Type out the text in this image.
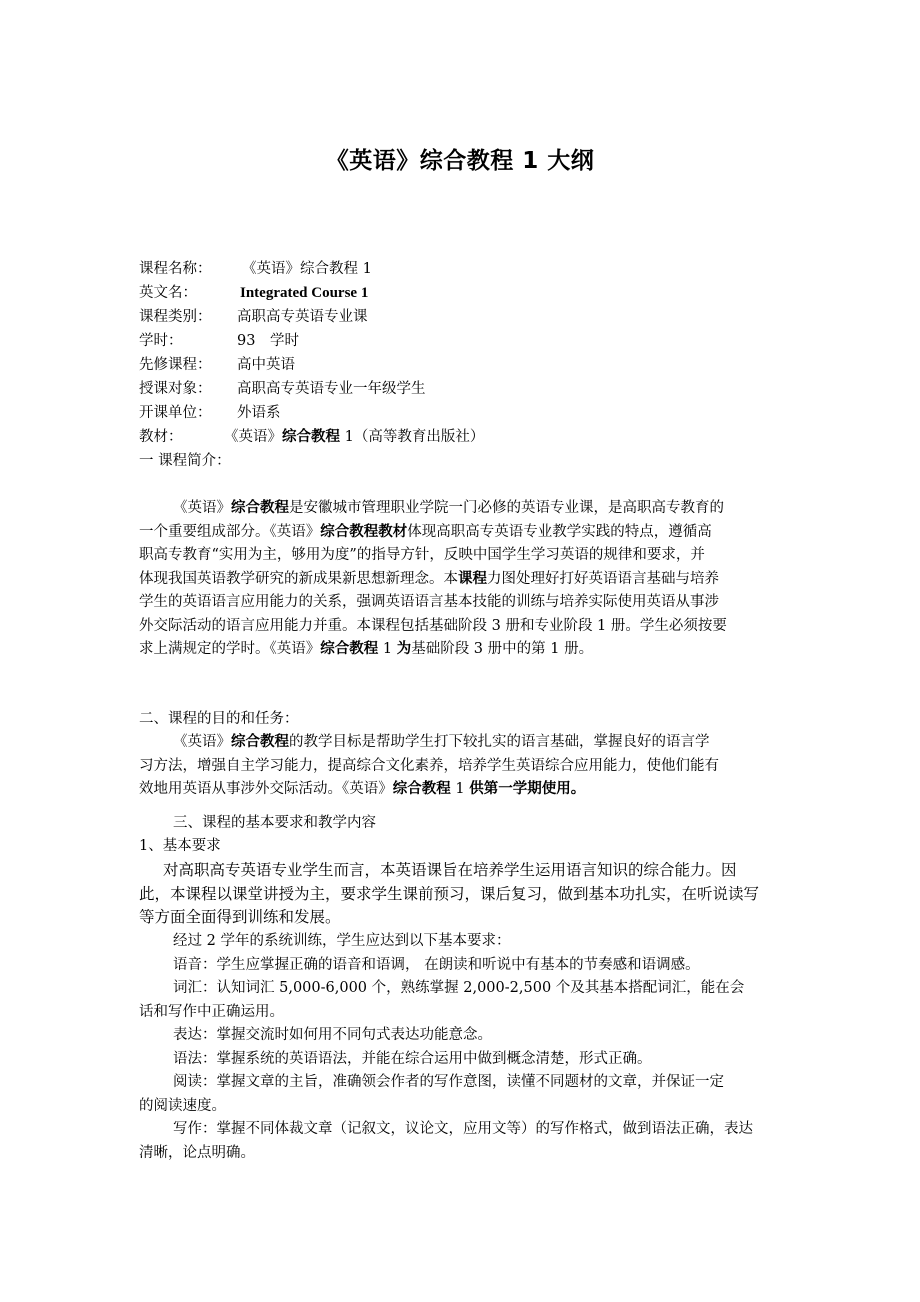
《英语》综合教程 1 大纲
课程名称： 《英语》综合教程 1
英文名：	Integrated Course 1
课程类别： 高职高专英语专业课
学时：	93　学时
先修课程： 高中英语
授课对象： 高职高专英语专业一年级学生
开课单位： 外语系
教材：	《英语》综合教程 1（高等教育出版社）
一 课程简介：
《英语》综合教程是安徽城市管理职业学院一门必修的英语专业课，是高职高专教育的
一个重要组成部分。《英语》综合教程教材体现高职高专英语专业教学实践的特点，遵循高
职高专教育“实用为主，够用为度”的指导方针，反映中国学生学习英语的规律和要求，并
体现我国英语教学研究的新成果新思想新理念。本课程力图处理好打好英语语言基础与培养
学生的英语语言应用能力的关系，强调英语语言基本技能的训练与培养实际使用英语从事涉
外交际活动的语言应用能力并重。本课程包括基础阶段 3 册和专业阶段 1 册。学生必须按要
求上满规定的学时。《英语》综合教程 1 为基础阶段 3 册中的第 1 册。
二、课程的目的和任务：
《英语》综合教程的教学目标是帮助学生打下较扎实的语言基础，掌握良好的语言学
习方法，增强自主学习能力，提高综合文化素养，培养学生英语综合应用能力，使他们能有
效地用英语从事涉外交际活动。《英语》综合教程 1 供第一学期使用。
三、课程的基本要求和教学内容
1、基本要求
对高职高专英语专业学生而言，本英语课旨在培养学生运用语言知识的综合能力。因
此，本课程以课堂讲授为主，要求学生课前预习，课后复习，做到基本功扎实，在听说读写
等方面全面得到训练和发展。
经过 2 学年的系统训练，学生应达到以下基本要求：
语音：学生应掌握正确的语音和语调， 在朗读和听说中有基本的节奏感和语调感。
词汇：认知词汇 5,000-6,000 个，熟练掌握 2,000-2,500 个及其基本搭配词汇，能在会
话和写作中正确运用。
表达：掌握交流时如何用不同句式表达功能意念。
语法：掌握系统的英语语法，并能在综合运用中做到概念清楚，形式正确。
阅读：掌握文章的主旨，准确领会作者的写作意图，读懂不同题材的文章，并保证一定
的阅读速度。
写作：掌握不同体裁文章（记叙文，议论文，应用文等）的写作格式，做到语法正确，表达
清晰，论点明确。
